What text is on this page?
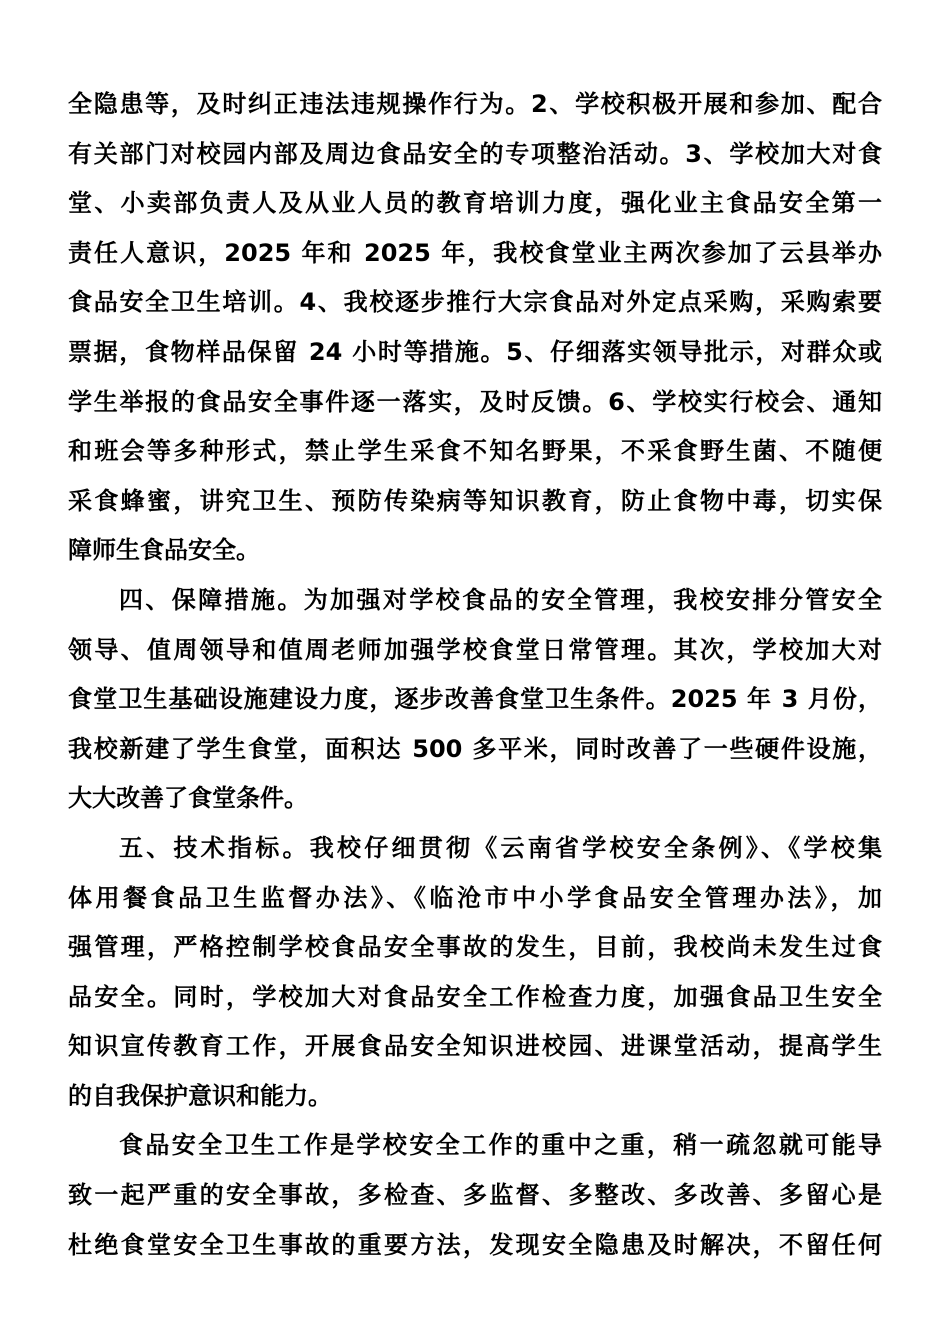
全隐患等，及时纠正违法违规操作行为。2、学校积极开展和参加、配合
有关部门对校园内部及周边食品安全的专项整治活动。3、学校加大对食
堂、小卖部负责人及从业人员的教育培训力度，强化业主食品安全第一
责任人意识，2025 年和 2025 年，我校食堂业主两次参加了云县举办
食品安全卫生培训。4、我校逐步推行大宗食品对外定点采购，采购索要
票据，食物样品保留 24 小时等措施。5、仔细落实领导批示，对群众或
学生举报的食品安全事件逐一落实，及时反馈。6、学校实行校会、通知
和班会等多种形式，禁止学生采食不知名野果，不采食野生菌、不随便
采食蜂蜜，讲究卫生、预防传染病等知识教育，防止食物中毒，切实保
障师生食品安全。
四、保障措施。为加强对学校食品的安全管理，我校安排分管安全
领导、值周领导和值周老师加强学校食堂日常管理。其次，学校加大对
食堂卫生基础设施建设力度，逐步改善食堂卫生条件。2025 年 3 月份，
我校新建了学生食堂，面积达 500 多平米，同时改善了一些硬件设施，
大大改善了食堂条件。
五、技术指标。我校仔细贯彻《云南省学校安全条例》、《学校集
体用餐食品卫生监督办法》、《临沧市中小学食品安全管理办法》，加
强管理，严格控制学校食品安全事故的发生，目前，我校尚未发生过食
品安全。同时，学校加大对食品安全工作检查力度，加强食品卫生安全
知识宣传教育工作，开展食品安全知识进校园、进课堂活动，提高学生
的自我保护意识和能力。
食品安全卫生工作是学校安全工作的重中之重，稍一疏忽就可能导
致一起严重的安全事故，多检查、多监督、多整改、多改善、多留心是
杜绝食堂安全卫生事故的重要方法，发现安全隐患及时解决，不留任何
